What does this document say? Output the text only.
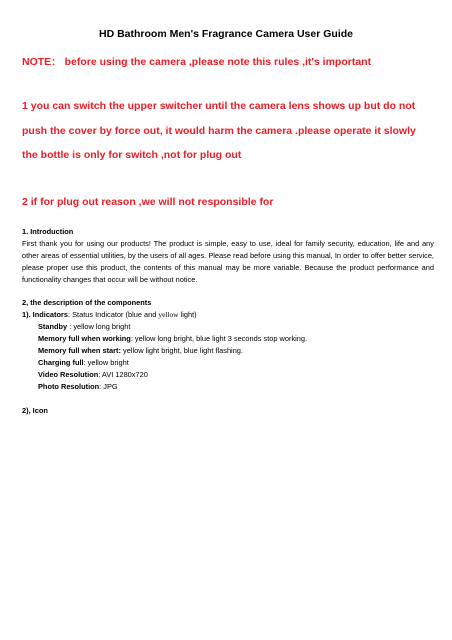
HD Bathroom Men's Fragrance Camera User Guide
NOTE： before using the camera ,please note this rules ,it's important
1 you can switch the upper switcher until the camera lens shows up but do not
push the cover by force out, it would harm the camera .please operate it slowly
the bottle is only for switch ,not for plug out
2 if for plug out reason ,we will not responsible for
1. Introduction
First thank you for using our products! The product is simple, easy to use, ideal for family security, education, life and any other areas of essential utilities, by the users of all ages. Please read before using this manual, In order to offer better service, please proper use this product, the contents of this manual may be more variable. Because the product performance and functionality changes that occur will be without notice.
2, the description of the components
1). Indicators: Status Indicator (blue and yellow light)
Standby : yellow long bright
Memory full when working: yellow long bright, blue light 3 seconds stop working.
Memory full when start: yellow light bright, blue light flashing.
Charging full: yellow bright
Video Resolution: AVI 1280x720
Photo Resolution: JPG
2), Icon
